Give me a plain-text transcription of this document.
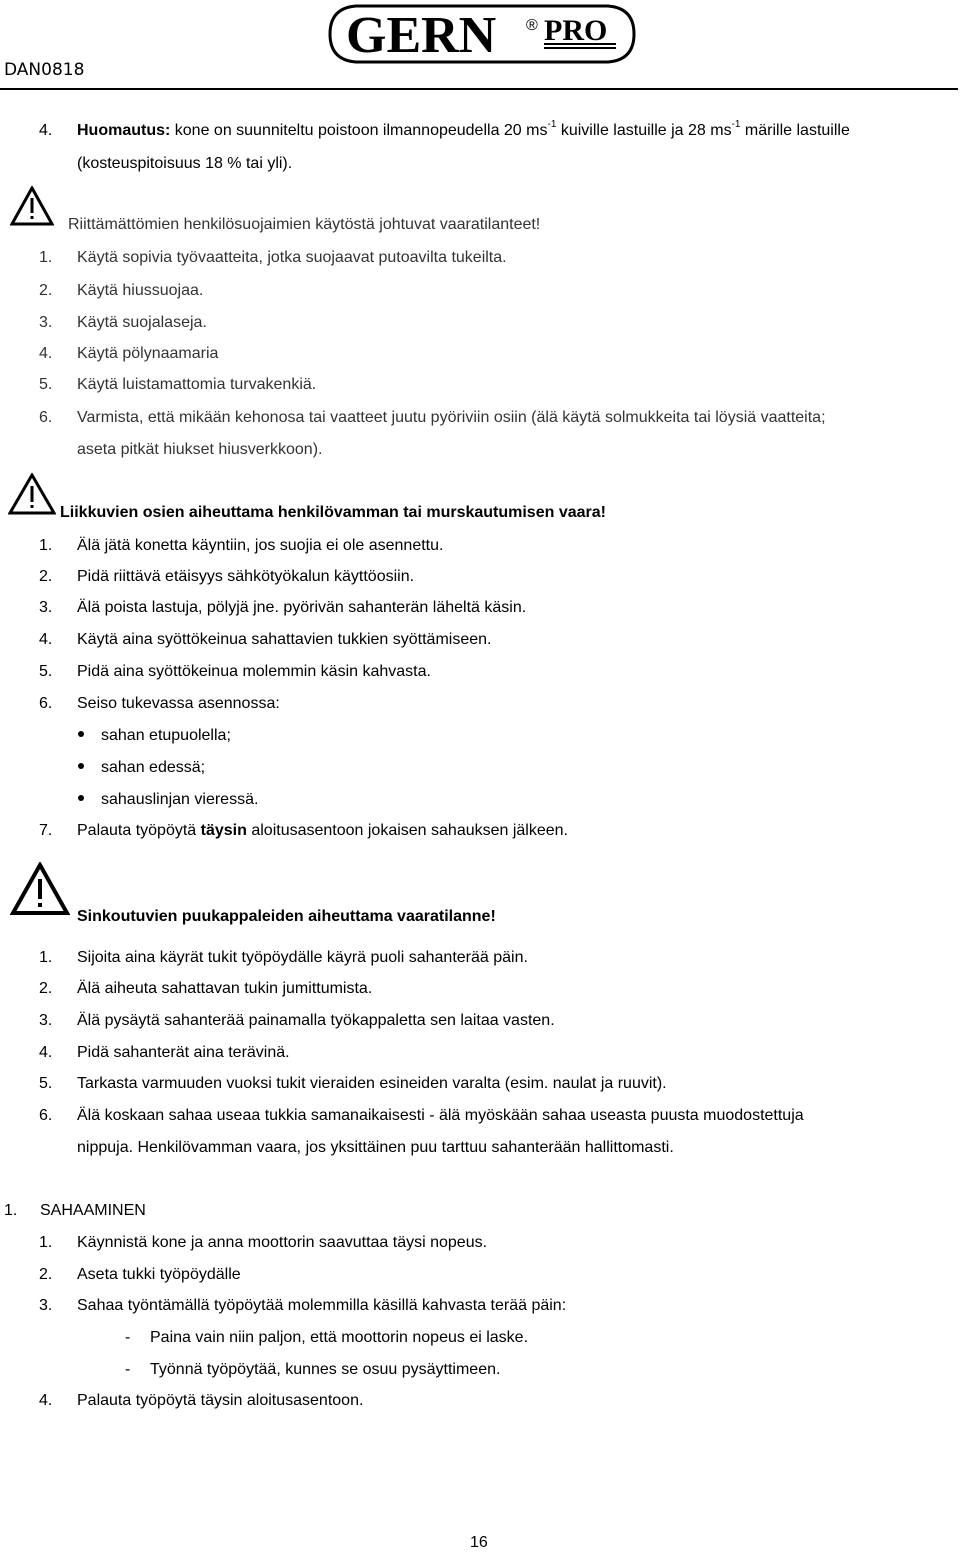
DAN0818
GERN ® PRO
4. Huomautus: kone on suunniteltu poistoon ilmannopeudella 20 $ms^{-1}$ kuiville lastuille ja 28 $ms^{-1}$ märille lastuille
(kosteuspitoisuus 18 % tai yli).
Riittämättömien henkilösuojaimien käytöstä johtuvat vaaratilanteet!
1. Käytä sopivia työvaatteita, jotka suojaavat putoavilta tukeilta.
2. Käytä hiussuojaa.
3. Käytä suojalaseja.
4. Käytä pölynaamaria
5. Käytä luistamattomia turvakenkiä.
6. Varmista, että mikään kehonosa tai vaatteet juutu pyöriviin osiin (älä käytä solmukkeita tai löysiä vaatteita;
aseta pitkät hiukset hiusverkkoon).
Liikkuvien osien aiheuttama henkilövamman tai murskautumisen vaara!
1. Älä jätä konetta käyntiin, jos suojia ei ole asennettu.
2. Pidä riittävä etäisyys sähkötyökalun käyttöosiin.
3. Älä poista lastuja, pölyjä jne. pyörivän sahanterän läheltä käsin.
4. Käytä aina syöttökeinua sahattavien tukkien syöttämiseen.
5. Pidä aina syöttökeinua molemmin käsin kahvasta.
6. Seiso tukevassa asennossa:
sahan etupuolella;
sahan edessä;
sahauslinjan vieressä.
7. Palauta työpöytä täysin aloitusasentoon jokaisen sahauksen jälkeen.
Sinkoutuvien puukappaleiden aiheuttama vaaratilanne!
1. Sijoita aina käyrät tukit työpöydälle käyrä puoli sahanterää päin.
2. Älä aiheuta sahattavan tukin jumittumista.
3. Älä pysäytä sahanterää painamalla työkappaletta sen laitaa vasten.
4. Pidä sahanterät aina terävinä.
5. Tarkasta varmuuden vuoksi tukit vieraiden esineiden varalta (esim. naulat ja ruuvit).
6. Älä koskaan sahaa useaa tukkia samanaikaisesti - älä myöskään sahaa useasta puusta muodostettuja
nippuja. Henkilövamman vaara, jos yksittäinen puu tarttuu sahanterään hallittomasti.
1. SAHAAMINEN
1. Käynnistä kone ja anna moottorin saavuttaa täysi nopeus.
2. Aseta tukki työpöydälle
3. Sahaa työntämällä työpöytää molemmilla käsillä kahvasta terää päin:
- Paina vain niin paljon, että moottorin nopeus ei laske.
- Työnnä työpöytää, kunnes se osuu pysäyttimeen.
4. Palauta työpöytä täysin aloitusasentoon.
16
